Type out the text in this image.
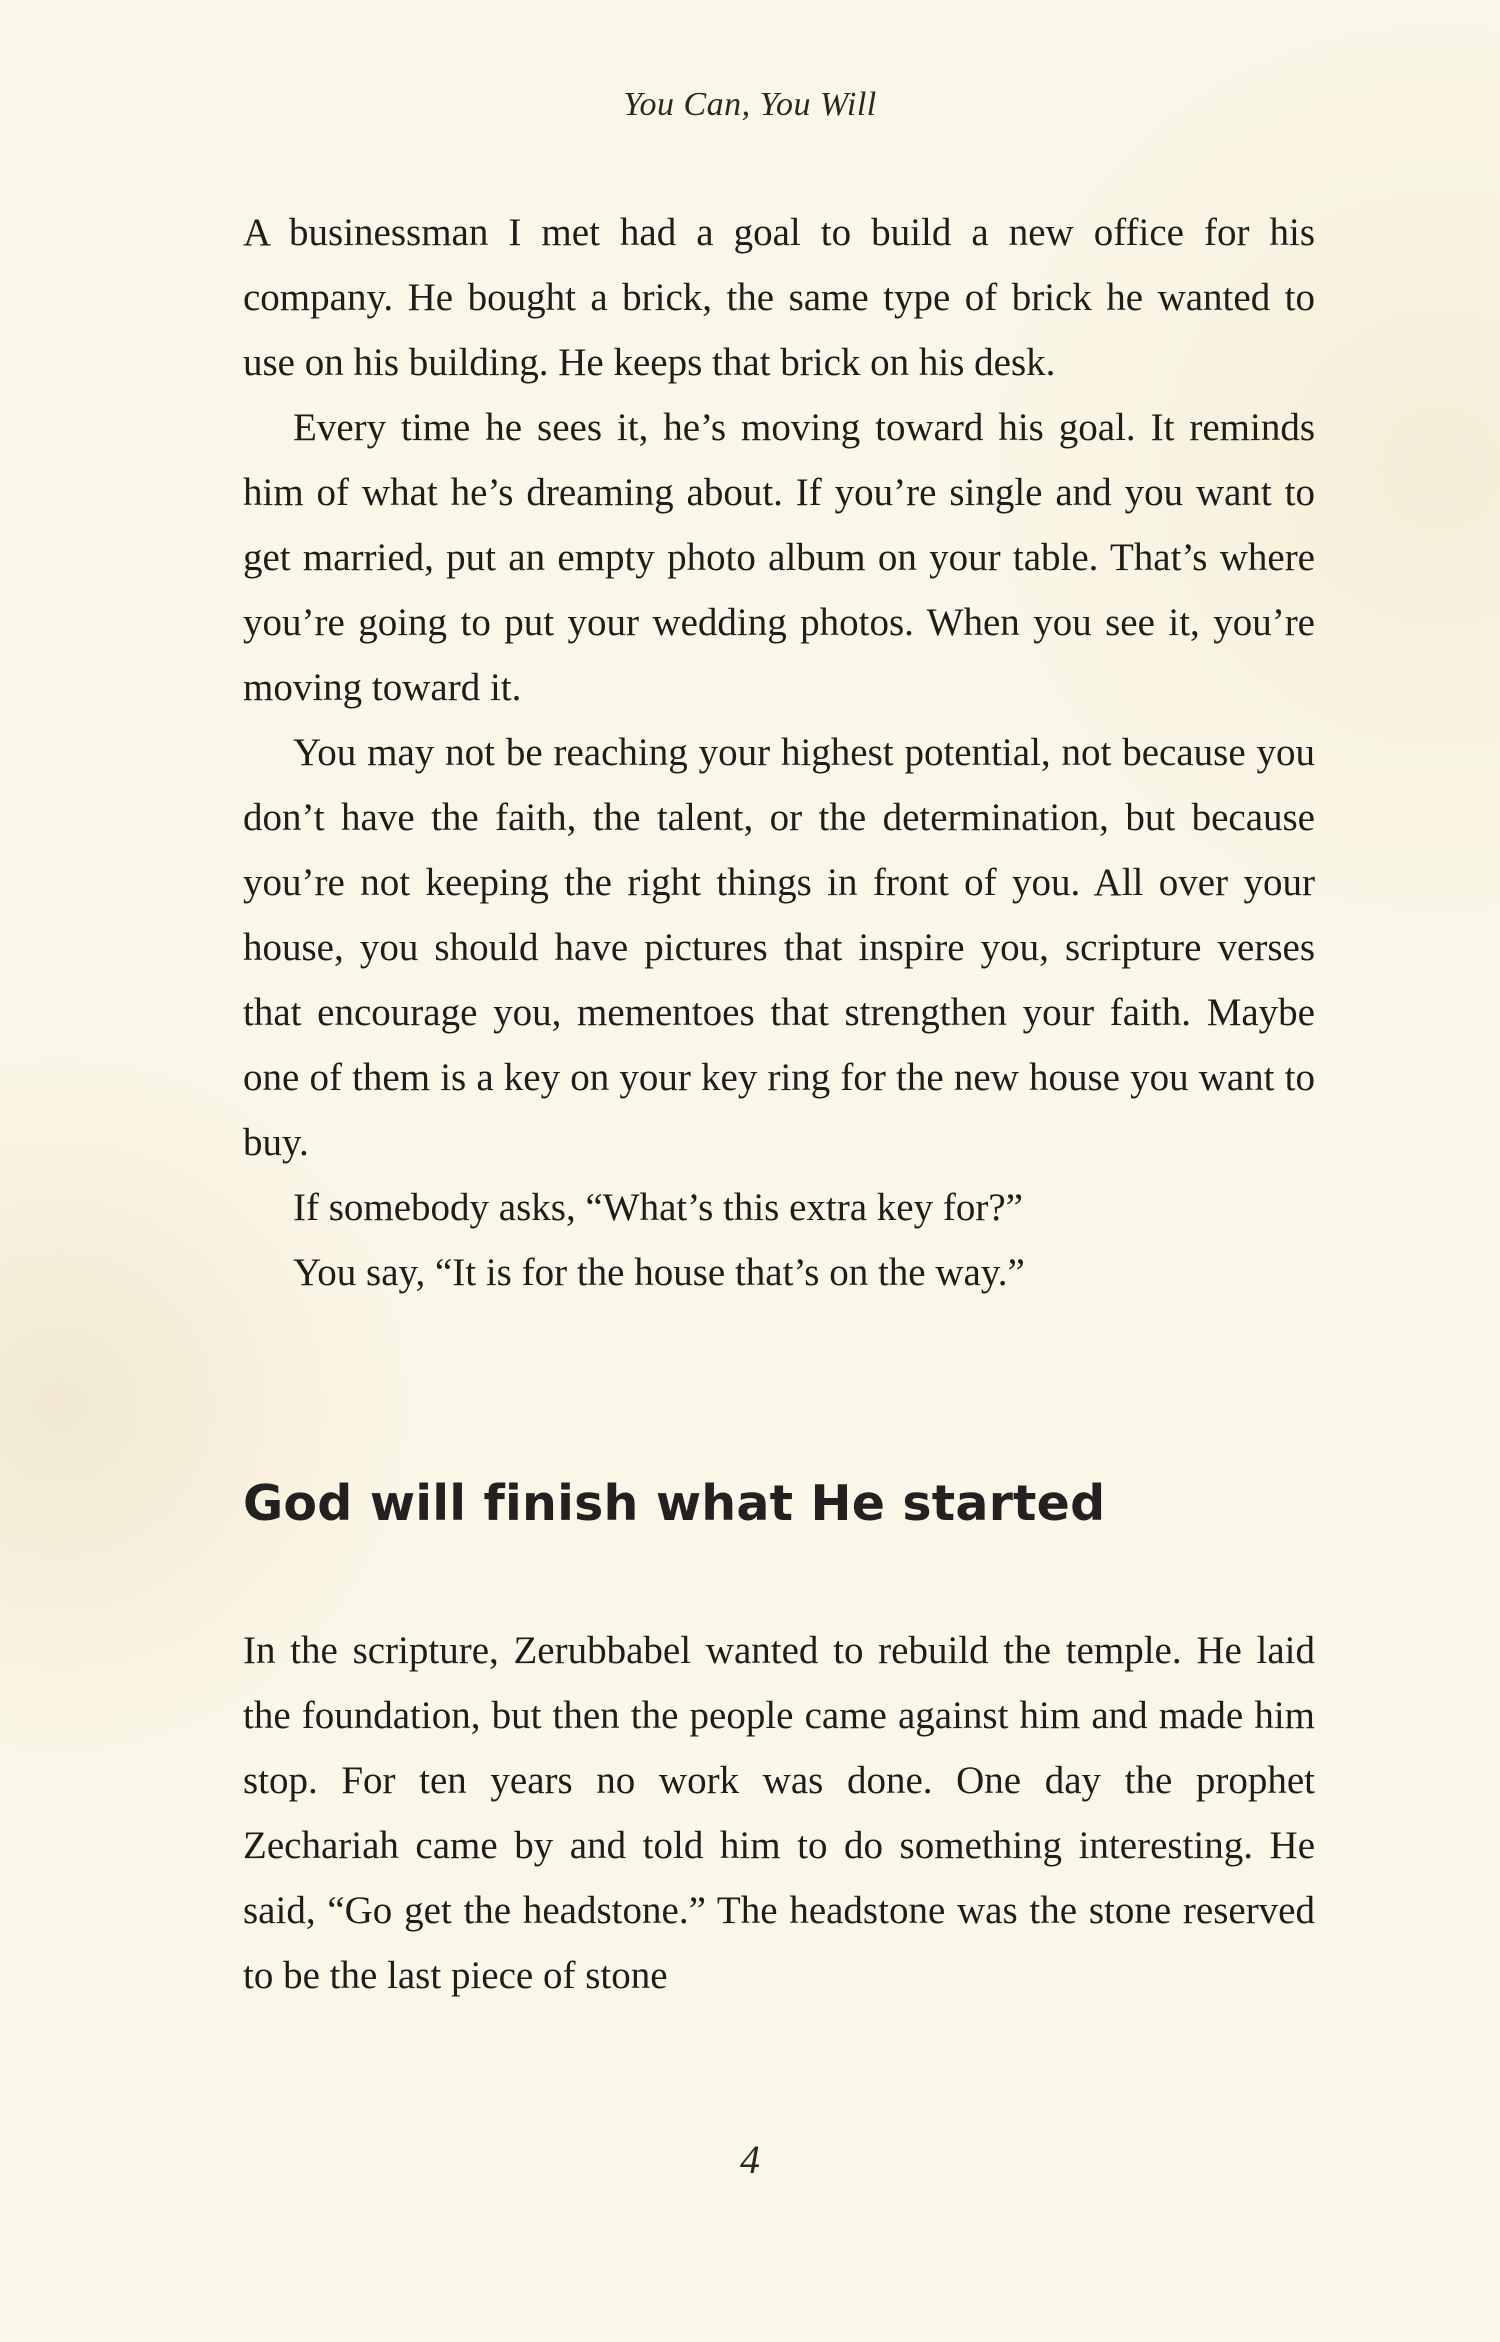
You Can, You Will

A businessman I met had a goal to build a new office for his company. He bought a brick, the same type of brick he wanted to use on his building. He keeps that brick on his desk.

Every time he sees it, he’s moving toward his goal. It reminds him of what he’s dreaming about. If you’re single and you want to get married, put an empty photo album on your table. That’s where you’re going to put your wedding photos. When you see it, you’re moving toward it.

You may not be reaching your highest potential, not because you don’t have the faith, the talent, or the determination, but because you’re not keeping the right things in front of you. All over your house, you should have pictures that inspire you, scripture verses that encourage you, mementoes that strengthen your faith. Maybe one of them is a key on your key ring for the new house you want to buy.

If somebody asks, “What’s this extra key for?”

You say, “It is for the house that’s on the way.”

God will finish what He started

In the scripture, Zerubbabel wanted to rebuild the temple. He laid the foundation, but then the people came against him and made him stop. For ten years no work was done. One day the prophet Zechariah came by and told him to do something interesting. He said, “Go get the headstone.” The headstone was the stone reserved to be the last piece of stone

4
